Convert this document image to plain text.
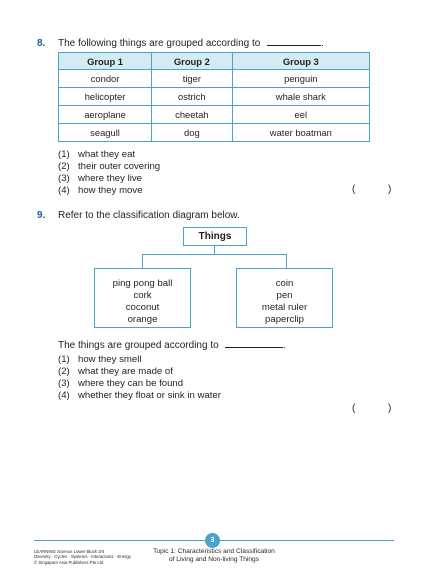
8. The following things are grouped according to	.
Group 1	Group 2	Group 3
condor	tiger	penguin
helicopter	ostrich	whale shark
aeroplane	cheetah	eel
seagull	dog	water boatman
(1) what they eat
(2) their outer covering
(3) where they live
(4) how they move	(	)
9. Refer to the classification diagram below.
Things
ping pong ball
cork
coconut
orange
coin
pen
metal ruler
paperclip
The things are grouped according to	.
(1) how they smell
(2) what they are made of
(3) where they can be found
(4) whether they float or sink in water
(	)
3
LEARNING Science Lower Block 3/4
Diversity · Cycles · Systems · Interactions · Energy
© Singapore Asia Publishers Pte Ltd
Topic 1: Characteristics and Classification
of Living and Non-living Things
